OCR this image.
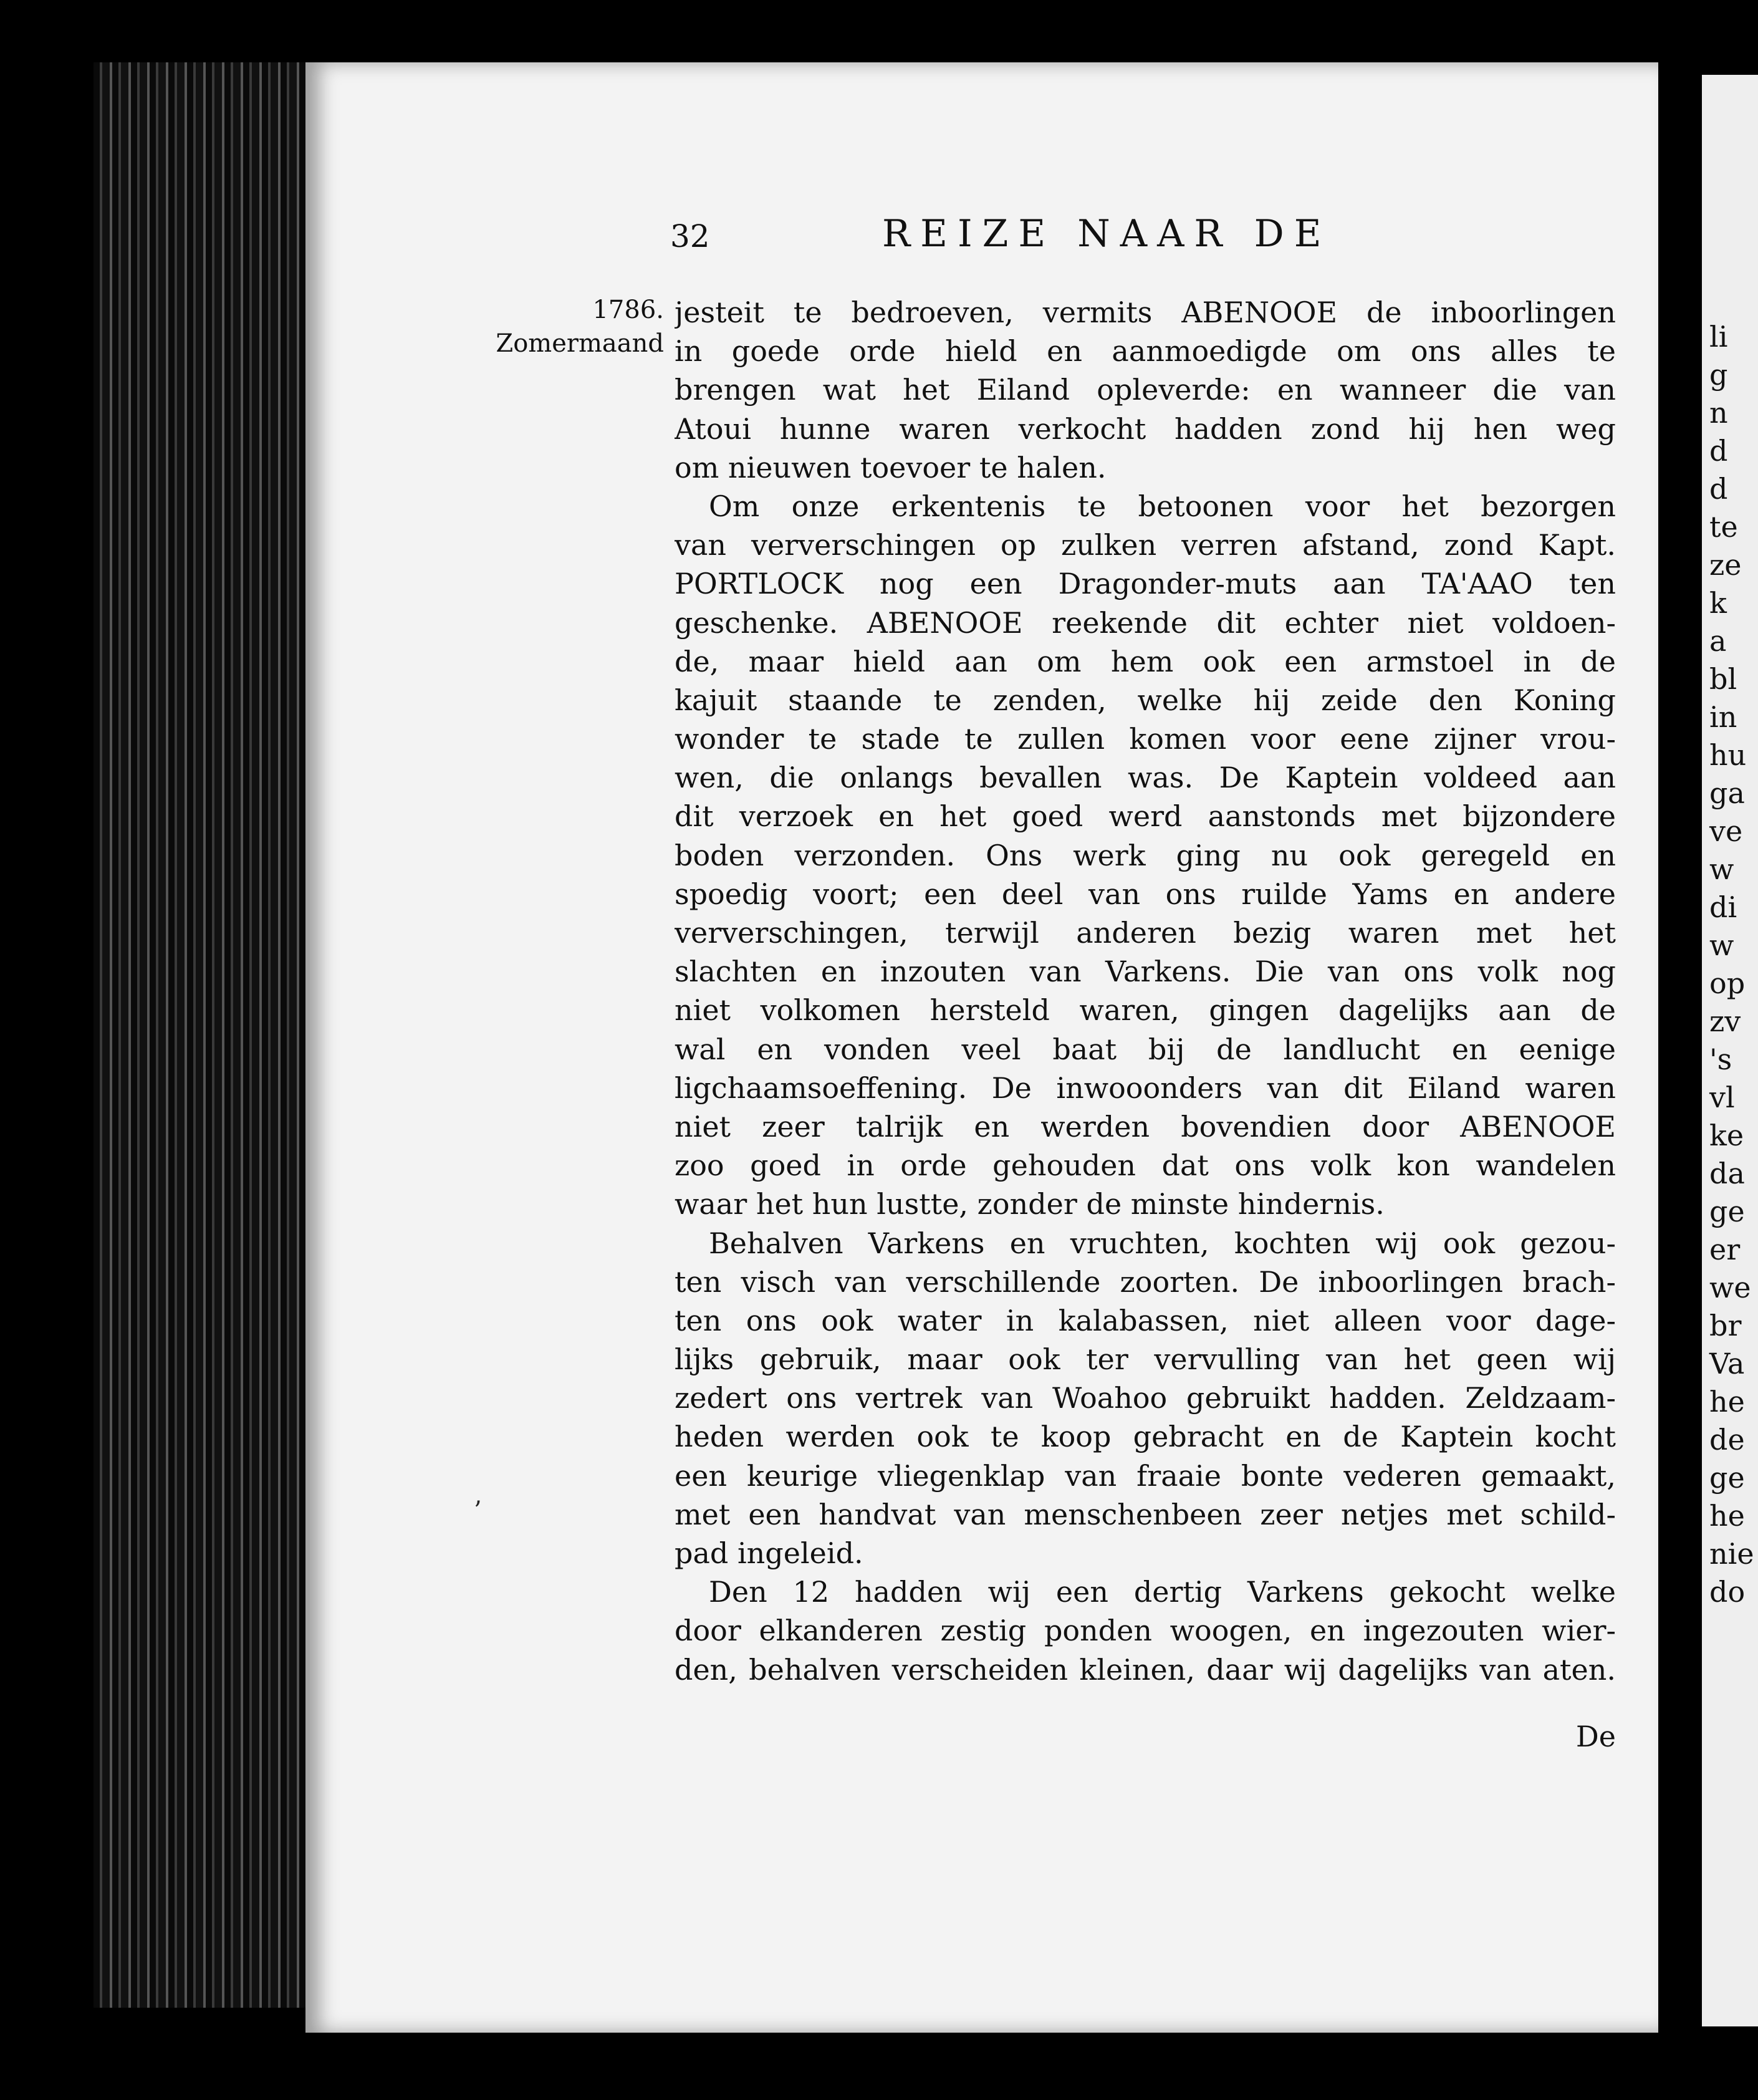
li
g
n
d
d
te
ze
k
a
bl
in
hu
ga
ve
w
di
w
op
zv
's
vl
ke
da
ge
er
we
br
Va
he
de
ge
he
nie
do
32	REIZE NAAR DE
1786.
Zomermaand
jesteit te bedroeven, vermits ABENOOE de inboorlingen
in goede orde hield en aanmoedigde om ons alles te
brengen wat het Eiland opleverde: en wanneer die van
Atoui hunne waren verkocht hadden zond hij hen weg
om nieuwen toevoer te halen.
Om onze erkentenis te betoonen voor het bezorgen
van ververschingen op zulken verren afstand, zond Kapt.
PORTLOCK nog een Dragonder-muts aan TA'AAO ten
geschenke. ABENOOE reekende dit echter niet voldoen-
de, maar hield aan om hem ook een armstoel in de
kajuit staande te zenden, welke hij zeide den Koning
wonder te stade te zullen komen voor eene zijner vrou-
wen, die onlangs bevallen was. De Kaptein voldeed aan
dit verzoek en het goed werd aanstonds met bijzondere
boden verzonden. Ons werk ging nu ook geregeld en
spoedig voort; een deel van ons ruilde Yams en andere
ververschingen, terwijl anderen bezig waren met het
slachten en inzouten van Varkens. Die van ons volk nog
niet volkomen hersteld waren, gingen dagelijks aan de
wal en vonden veel baat bij de landlucht en eenige
ligchaamsoeffening. De inwooonders van dit Eiland waren
niet zeer talrijk en werden bovendien door ABENOOE
zoo goed in orde gehouden dat ons volk kon wandelen
waar het hun lustte, zonder de minste hindernis.
Behalven Varkens en vruchten, kochten wij ook gezou-
ten visch van verschillende zoorten. De inboorlingen brach-
ten ons ook water in kalabassen, niet alleen voor dage-
lijks gebruik, maar ook ter vervulling van het geen wij
zedert ons vertrek van Woahoo gebruikt hadden. Zeldzaam-
heden werden ook te koop gebracht en de Kaptein kocht
een keurige vliegenklap van fraaie bonte vederen gemaakt,
met een handvat van menschenbeen zeer netjes met schild-
pad ingeleid.
Den 12 hadden wij een dertig Varkens gekocht welke
door elkanderen zestig ponden woogen, en ingezouten wier-
den, behalven verscheiden kleinen, daar wij dagelijks van aten.
De
’
